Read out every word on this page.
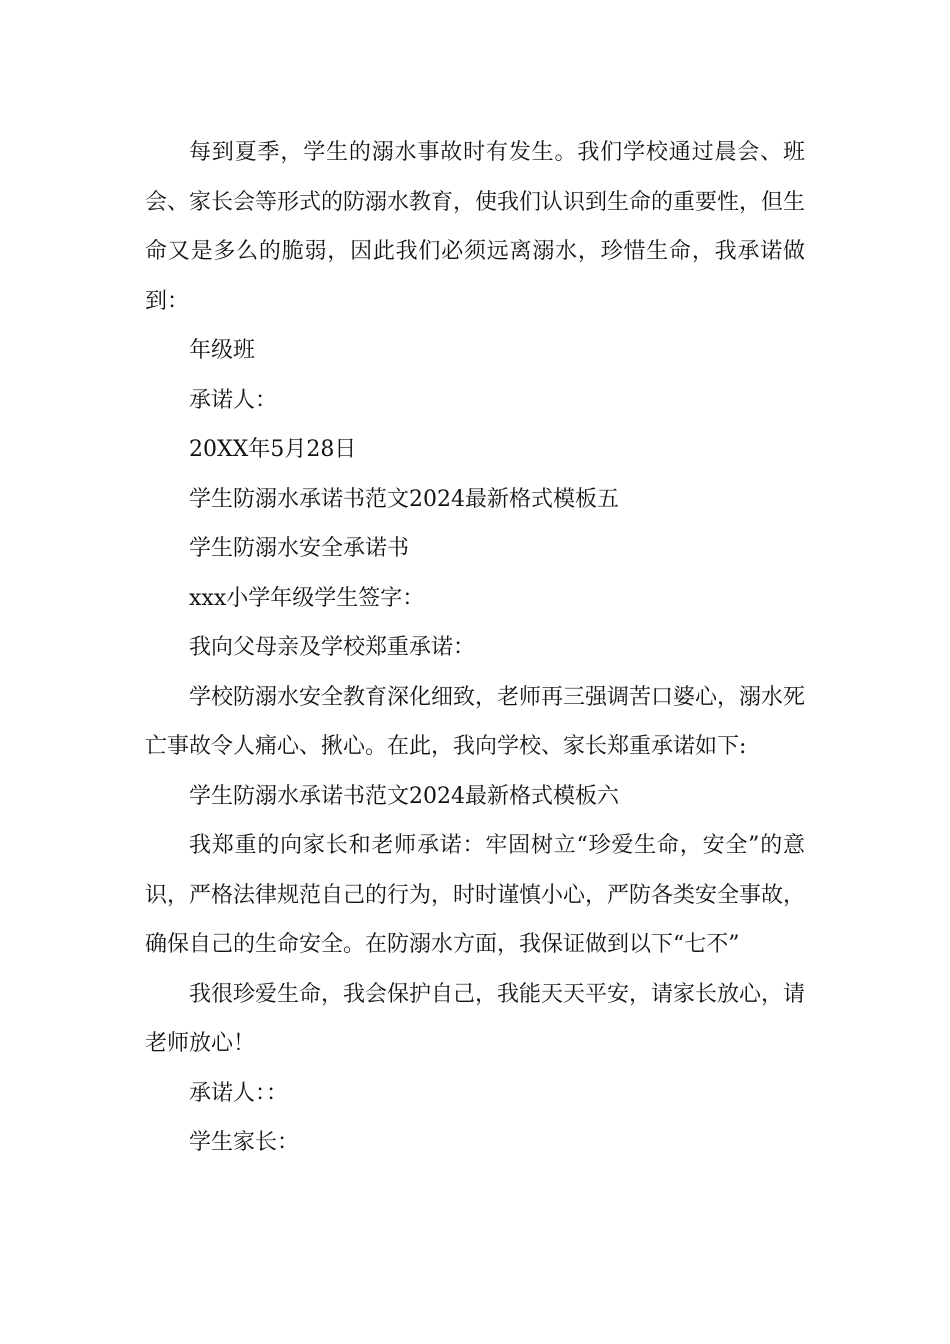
每到夏季，学生的溺水事故时有发生。我们学校通过晨会、班会、家长会等形式的防溺水教育，使我们认识到生命的重要性，但生命又是多么的脆弱，因此我们必须远离溺水，珍惜生命，我承诺做到：

年级班

承诺人：

20XX年5月28日

学生防溺水承诺书范文2024最新格式模板五

学生防溺水安全承诺书

xxx小学年级学生签字：

我向父母亲及学校郑重承诺：

学校防溺水安全教育深化细致，老师再三强调苦口婆心，溺水死亡事故令人痛心、揪心。在此，我向学校、家长郑重承诺如下:

学生防溺水承诺书范文2024最新格式模板六

我郑重的向家长和老师承诺：牢固树立“珍爱生命，安全”的意识，严格法律规范自己的行为，时时谨慎小心，严防各类安全事故，确保自己的生命安全。在防溺水方面，我保证做到以下“七不”

我很珍爱生命，我会保护自己，我能天天平安，请家长放心，请老师放心！

承诺人：：

学生家长：
